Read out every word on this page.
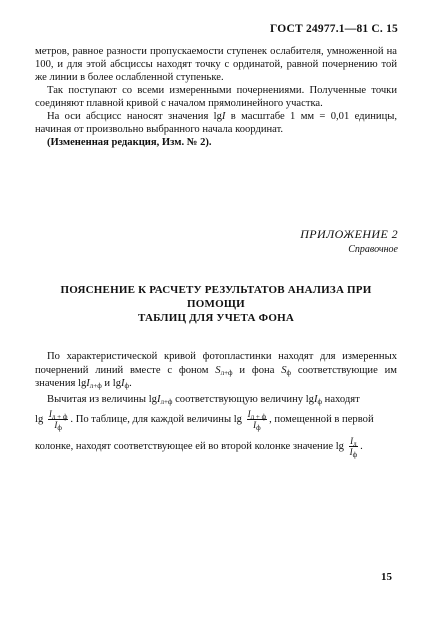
ГОСТ 24977.1—81 С. 15

метров, равное разности пропускаемости ступенек ослабителя, умноженной на 100, и для этой абсциссы находят точку с ординатой, равной почернению той же линии в более ослабленной ступеньке.

Так поступают со всеми измеренными почернениями. Полученные точки соединяют плавной кривой с началом прямолинейного участка.

На оси абсцисс наносят значения lgI в масштабе 1 мм = 0,01 единицы, начиная от произвольно выбранного начала координат.

(Измененная редакция, Изм. № 2).

ПРИЛОЖЕНИЕ 2
Справочное
ПОЯСНЕНИЕ К РАСЧЕТУ РЕЗУЛЬТАТОВ АНАЛИЗА ПРИ ПОМОЩИ
ТАБЛИЦ ДЛЯ УЧЕТА ФОНА

По характеристической кривой фотопластинки находят для измеренных почернений линий вместе с фоном $S_{л+ф}$ и фона $S_ф$ соответствующие им значения lgI$_{л+ф}$ и lgI$_ф$.

Вычитая из величины lgI$_{л+ф}$ соответствующую величину lgI$_ф$ находят

$\lg \frac{I_{л + ф}}{I_ф}$ . По таблице, для каждой величины $\lg \frac{I_{л + ф}}{I_ф}$ , помещенной в первой

колонке, находят соответствующее ей во второй колонке значение $\lg \frac{I_л}{I_ф}$ .

15
